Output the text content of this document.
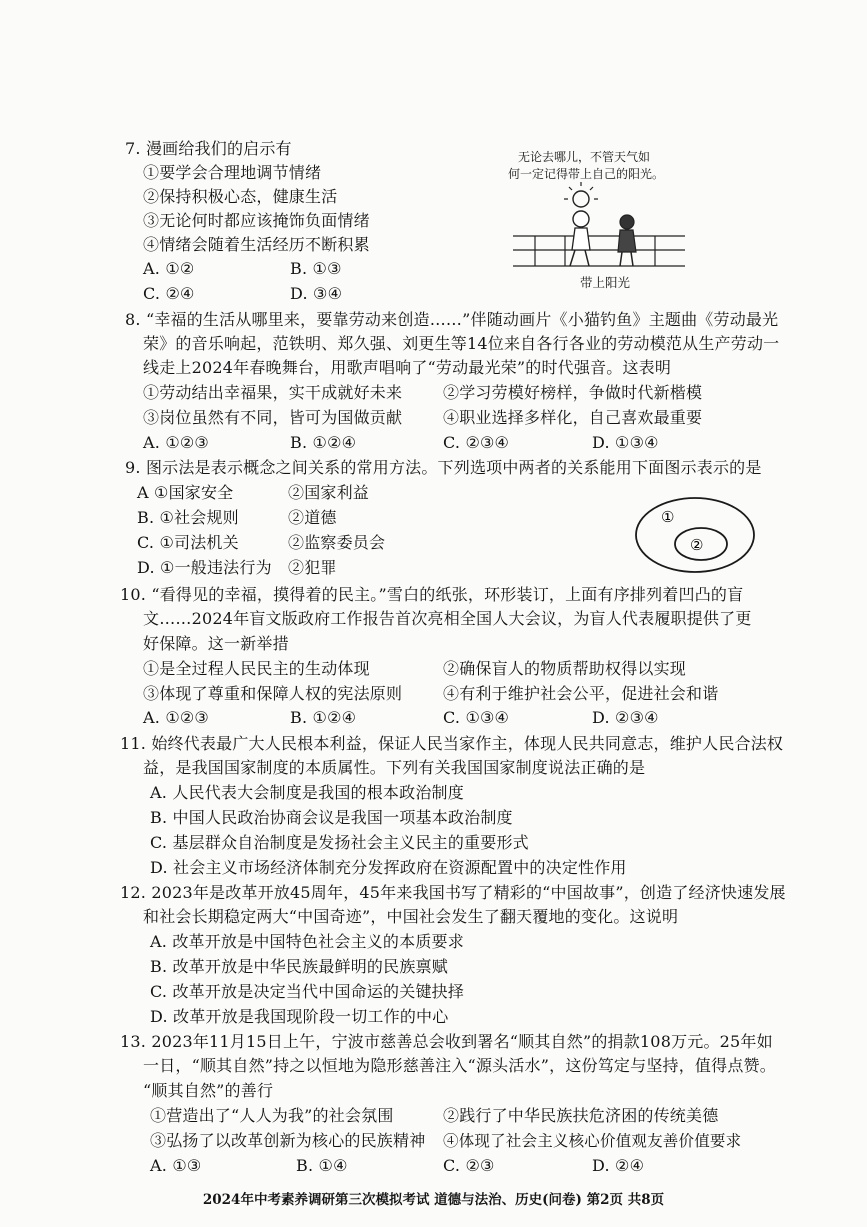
7. 漫画给我们的启示有
①要学会合理地调节情绪
②保持积极心态，健康生活
③无论何时都应该掩饰负面情绪
④情绪会随着生活经历不断积累
A. ①②	B. ①③
C. ②④	D. ③④
无论去哪儿，不管天气如
何一定记得带上自己的阳光。
带上阳光
8. “幸福的生活从哪里来，要靠劳动来创造……”伴随动画片《小猫钓鱼》主题曲《劳动最光
荣》的音乐响起，范铁明、郑久强、刘更生等14位来自各行各业的劳动模范从生产劳动一
线走上2024年春晚舞台，用歌声唱响了“劳动最光荣”的时代强音。这表明
①劳动结出幸福果，实干成就好未来	②学习劳模好榜样，争做时代新楷模
③岗位虽然有不同，皆可为国做贡献	④职业选择多样化，自己喜欢最重要
A. ①②③	B. ①②④	C. ②③④	D. ①③④
9. 图示法是表示概念之间关系的常用方法。下列选项中两者的关系能用下面图示表示的是
A ①国家安全	②国家利益
B. ①社会规则	②道德
C. ①司法机关	②监察委员会
D. ①一般违法行为 ②犯罪
①
②
10. “看得见的幸福，摸得着的民主。”雪白的纸张，环形装订，上面有序排列着凹凸的盲
文……2024年盲文版政府工作报告首次亮相全国人大会议，为盲人代表履职提供了更
好保障。这一新举措
①是全过程人民民主的生动体现	②确保盲人的物质帮助权得以实现
③体现了尊重和保障人权的宪法原则	④有利于维护社会公平，促进社会和谐
A. ①②③	B. ①②④	C. ①③④	D. ②③④
11. 始终代表最广大人民根本利益，保证人民当家作主，体现人民共同意志，维护人民合法权
益，是我国国家制度的本质属性。下列有关我国国家制度说法正确的是
A. 人民代表大会制度是我国的根本政治制度
B. 中国人民政治协商会议是我国一项基本政治制度
C. 基层群众自治制度是发扬社会主义民主的重要形式
D. 社会主义市场经济体制充分发挥政府在资源配置中的决定性作用
12. 2023年是改革开放45周年，45年来我国书写了精彩的“中国故事”，创造了经济快速发展
和社会长期稳定两大“中国奇迹”，中国社会发生了翻天覆地的变化。这说明
A. 改革开放是中国特色社会主义的本质要求
B. 改革开放是中华民族最鲜明的民族禀赋
C. 改革开放是决定当代中国命运的关键抉择
D. 改革开放是我国现阶段一切工作的中心
13. 2023年11月15日上午，宁波市慈善总会收到署名“顺其自然”的捐款108万元。25年如
一日，“顺其自然”持之以恒地为隐形慈善注入“源头活水”，这份笃定与坚持，值得点赞。
“顺其自然”的善行
①营造出了“人人为我”的社会氛围	②践行了中华民族扶危济困的传统美德
③弘扬了以改革创新为核心的民族精神 ④体现了社会主义核心价值观友善价值要求
A. ①③	B. ①④	C. ②③	D. ②④
2024年中考素养调研第三次模拟考试 道德与法治、历史(问卷) 第2页 共8页
